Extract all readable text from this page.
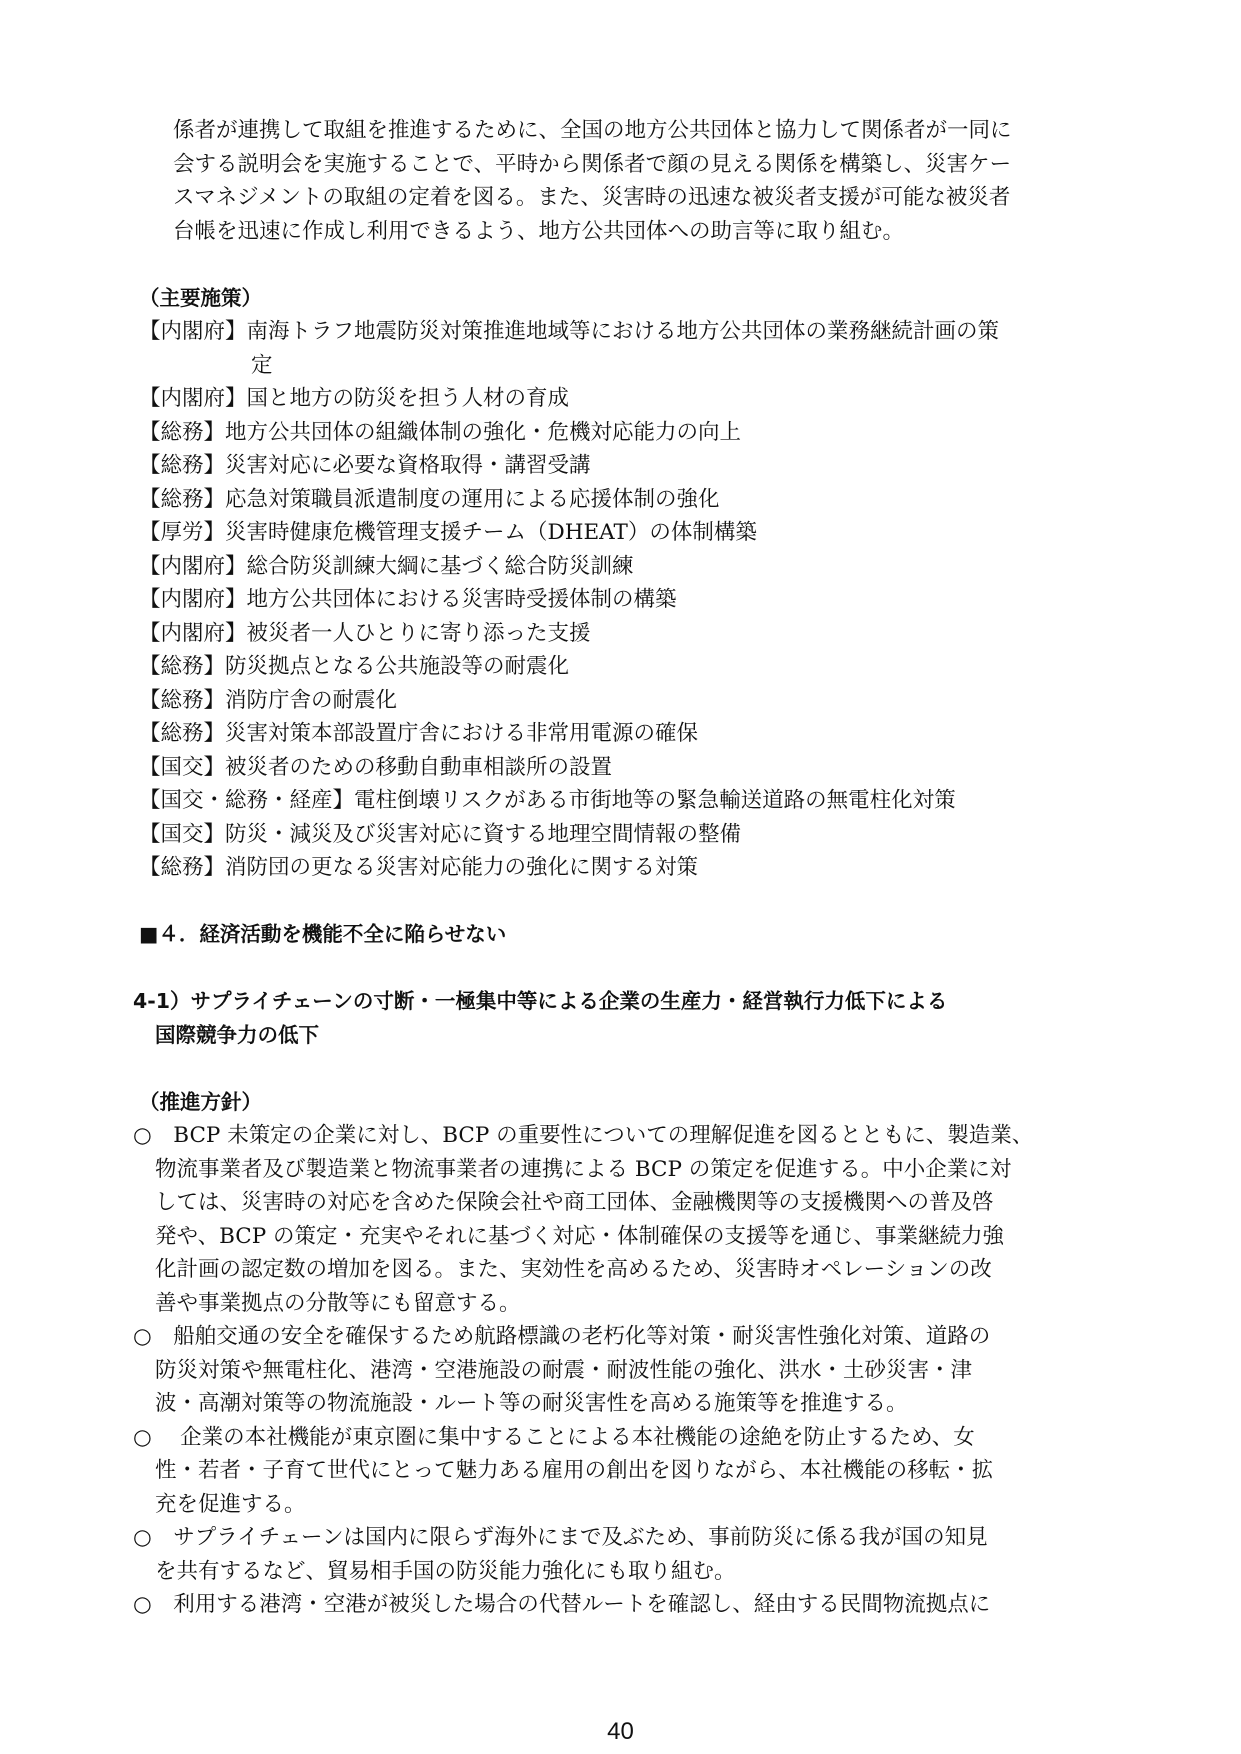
係者が連携して取組を推進するために、全国の地方公共団体と協力して関係者が一同に
会する説明会を実施することで、平時から関係者で顔の見える関係を構築し、災害ケー
スマネジメントの取組の定着を図る。また、災害時の迅速な被災者支援が可能な被災者
台帳を迅速に作成し利用できるよう、地方公共団体への助言等に取り組む。
（主要施策）
【内閣府】南海トラフ地震防災対策推進地域等における地方公共団体の業務継続計画の策
定
【内閣府】国と地方の防災を担う人材の育成
【総務】地方公共団体の組織体制の強化・危機対応能力の向上
【総務】災害対応に必要な資格取得・講習受講
【総務】応急対策職員派遣制度の運用による応援体制の強化
【厚労】災害時健康危機管理支援チーム（DHEAT）の体制構築
【内閣府】総合防災訓練大綱に基づく総合防災訓練
【内閣府】地方公共団体における災害時受援体制の構築
【内閣府】被災者一人ひとりに寄り添った支援
【総務】防災拠点となる公共施設等の耐震化
【総務】消防庁舎の耐震化
【総務】災害対策本部設置庁舎における非常用電源の確保
【国交】被災者のための移動自動車相談所の設置
【国交・総務・経産】電柱倒壊リスクがある市街地等の緊急輸送道路の無電柱化対策
【国交】防災・減災及び災害対応に資する地理空間情報の整備
【総務】消防団の更なる災害対応能力の強化に関する対策
■４．経済活動を機能不全に陥らせない
4-1）サプライチェーンの寸断・一極集中等による企業の生産力・経営執行力低下による
国際競争力の低下
（推進方針）
○　BCP 未策定の企業に対し、BCP の重要性についての理解促進を図るとともに、製造業、
物流事業者及び製造業と物流事業者の連携による BCP の策定を促進する。中小企業に対
しては、災害時の対応を含めた保険会社や商工団体、金融機関等の支援機関への普及啓
発や、BCP の策定・充実やそれに基づく対応・体制確保の支援等を通じ、事業継続力強
化計画の認定数の増加を図る。また、実効性を高めるため、災害時オペレーションの改
善や事業拠点の分散等にも留意する。
○　船舶交通の安全を確保するため航路標識の老朽化等対策・耐災害性強化対策、道路の
防災対策や無電柱化、港湾・空港施設の耐震・耐波性能の強化、洪水・土砂災害・津
波・高潮対策等の物流施設・ルート等の耐災害性を高める施策等を推進する。
○　 企業の本社機能が東京圏に集中することによる本社機能の途絶を防止するため、女
性・若者・子育て世代にとって魅力ある雇用の創出を図りながら、本社機能の移転・拡
充を促進する。
○　サプライチェーンは国内に限らず海外にまで及ぶため、事前防災に係る我が国の知見
を共有するなど、貿易相手国の防災能力強化にも取り組む。
○　利用する港湾・空港が被災した場合の代替ルートを確認し、経由する民間物流拠点に
40
